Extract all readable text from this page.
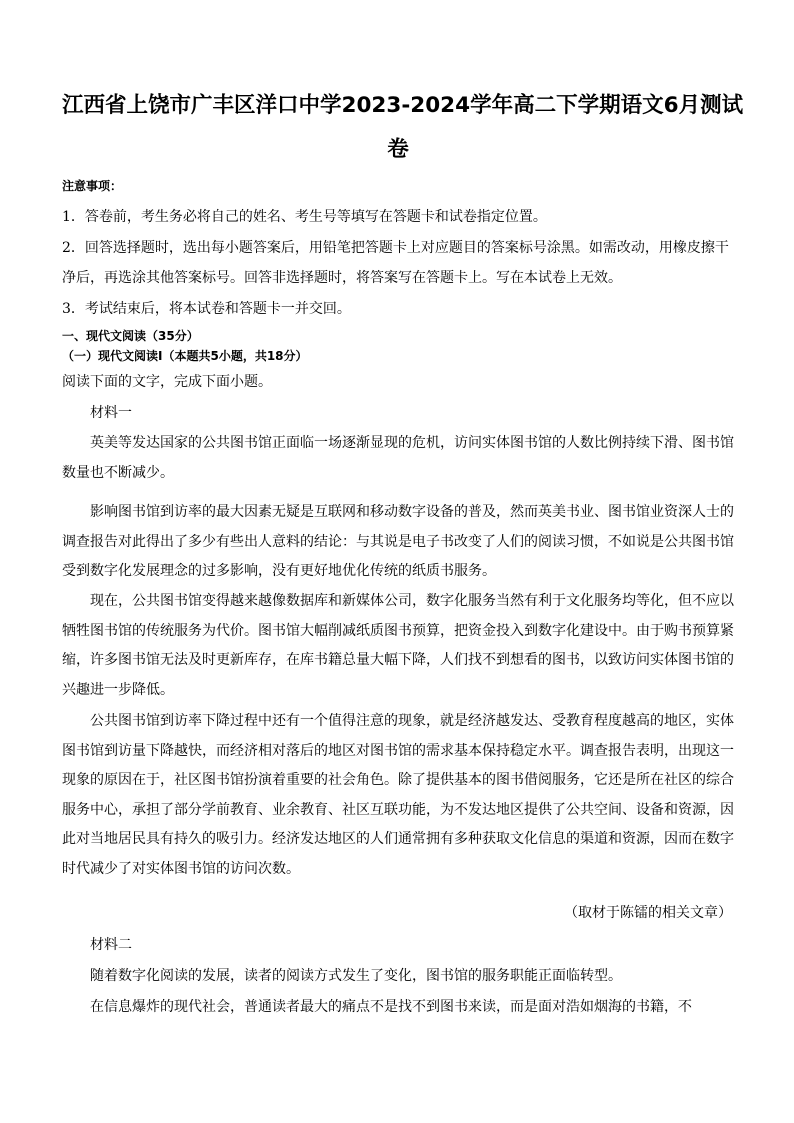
江西省上饶市广丰区洋口中学2023-2024学年高二下学期语文6月测试
卷

注意事项：

1．答卷前，考生务必将自己的姓名、考生号等填写在答题卡和试卷指定位置。

2．回答选择题时，选出每小题答案后，用铅笔把答题卡上对应题目的答案标号涂黑。如需改动，用橡皮擦干

净后，再选涂其他答案标号。回答非选择题时，将答案写在答题卡上。写在本试卷上无效。

3．考试结束后，将本试卷和答题卡一并交回。

一、现代文阅读（35分）

（一）现代文阅读Ⅰ（本题共5小题，共18分）

阅读下面的文字，完成下面小题。

材料一

英美等发达国家的公共图书馆正面临一场逐渐显现的危机，访问实体图书馆的人数比例持续下滑、图书馆数量也不断减少。

影响图书馆到访率的最大因素无疑是互联网和移动数字设备的普及，然而英美书业、图书馆业资深人士的调查报告对此得出了多少有些出人意料的结论：与其说是电子书改变了人们的阅读习惯，不如说是公共图书馆受到数字化发展理念的过多影响，没有更好地优化传统的纸质书服务。

现在，公共图书馆变得越来越像数据库和新媒体公司，数字化服务当然有利于文化服务均等化，但不应以牺牲图书馆的传统服务为代价。图书馆大幅削减纸质图书预算，把资金投入到数字化建设中。由于购书预算紧缩，许多图书馆无法及时更新库存，在库书籍总量大幅下降，人们找不到想看的图书，以致访问实体图书馆的兴趣进一步降低。

公共图书馆到访率下降过程中还有一个值得注意的现象，就是经济越发达、受教育程度越高的地区，实体图书馆到访量下降越快，而经济相对落后的地区对图书馆的需求基本保持稳定水平。调查报告表明，出现这一现象的原因在于，社区图书馆扮演着重要的社会角色。除了提供基本的图书借阅服务，它还是所在社区的综合服务中心，承担了部分学前教育、业余教育、社区互联功能，为不发达地区提供了公共空间、设备和资源，因此对当地居民具有持久的吸引力。经济发达地区的人们通常拥有多种获取文化信息的渠道和资源，因而在数字时代减少了对实体图书馆的访问次数。

（取材于陈镭的相关文章）

材料二

随着数字化阅读的发展，读者的阅读方式发生了变化，图书馆的服务职能正面临转型。

在信息爆炸的现代社会，普通读者最大的痛点不是找不到图书来读，而是面对浩如烟海的书籍，不
